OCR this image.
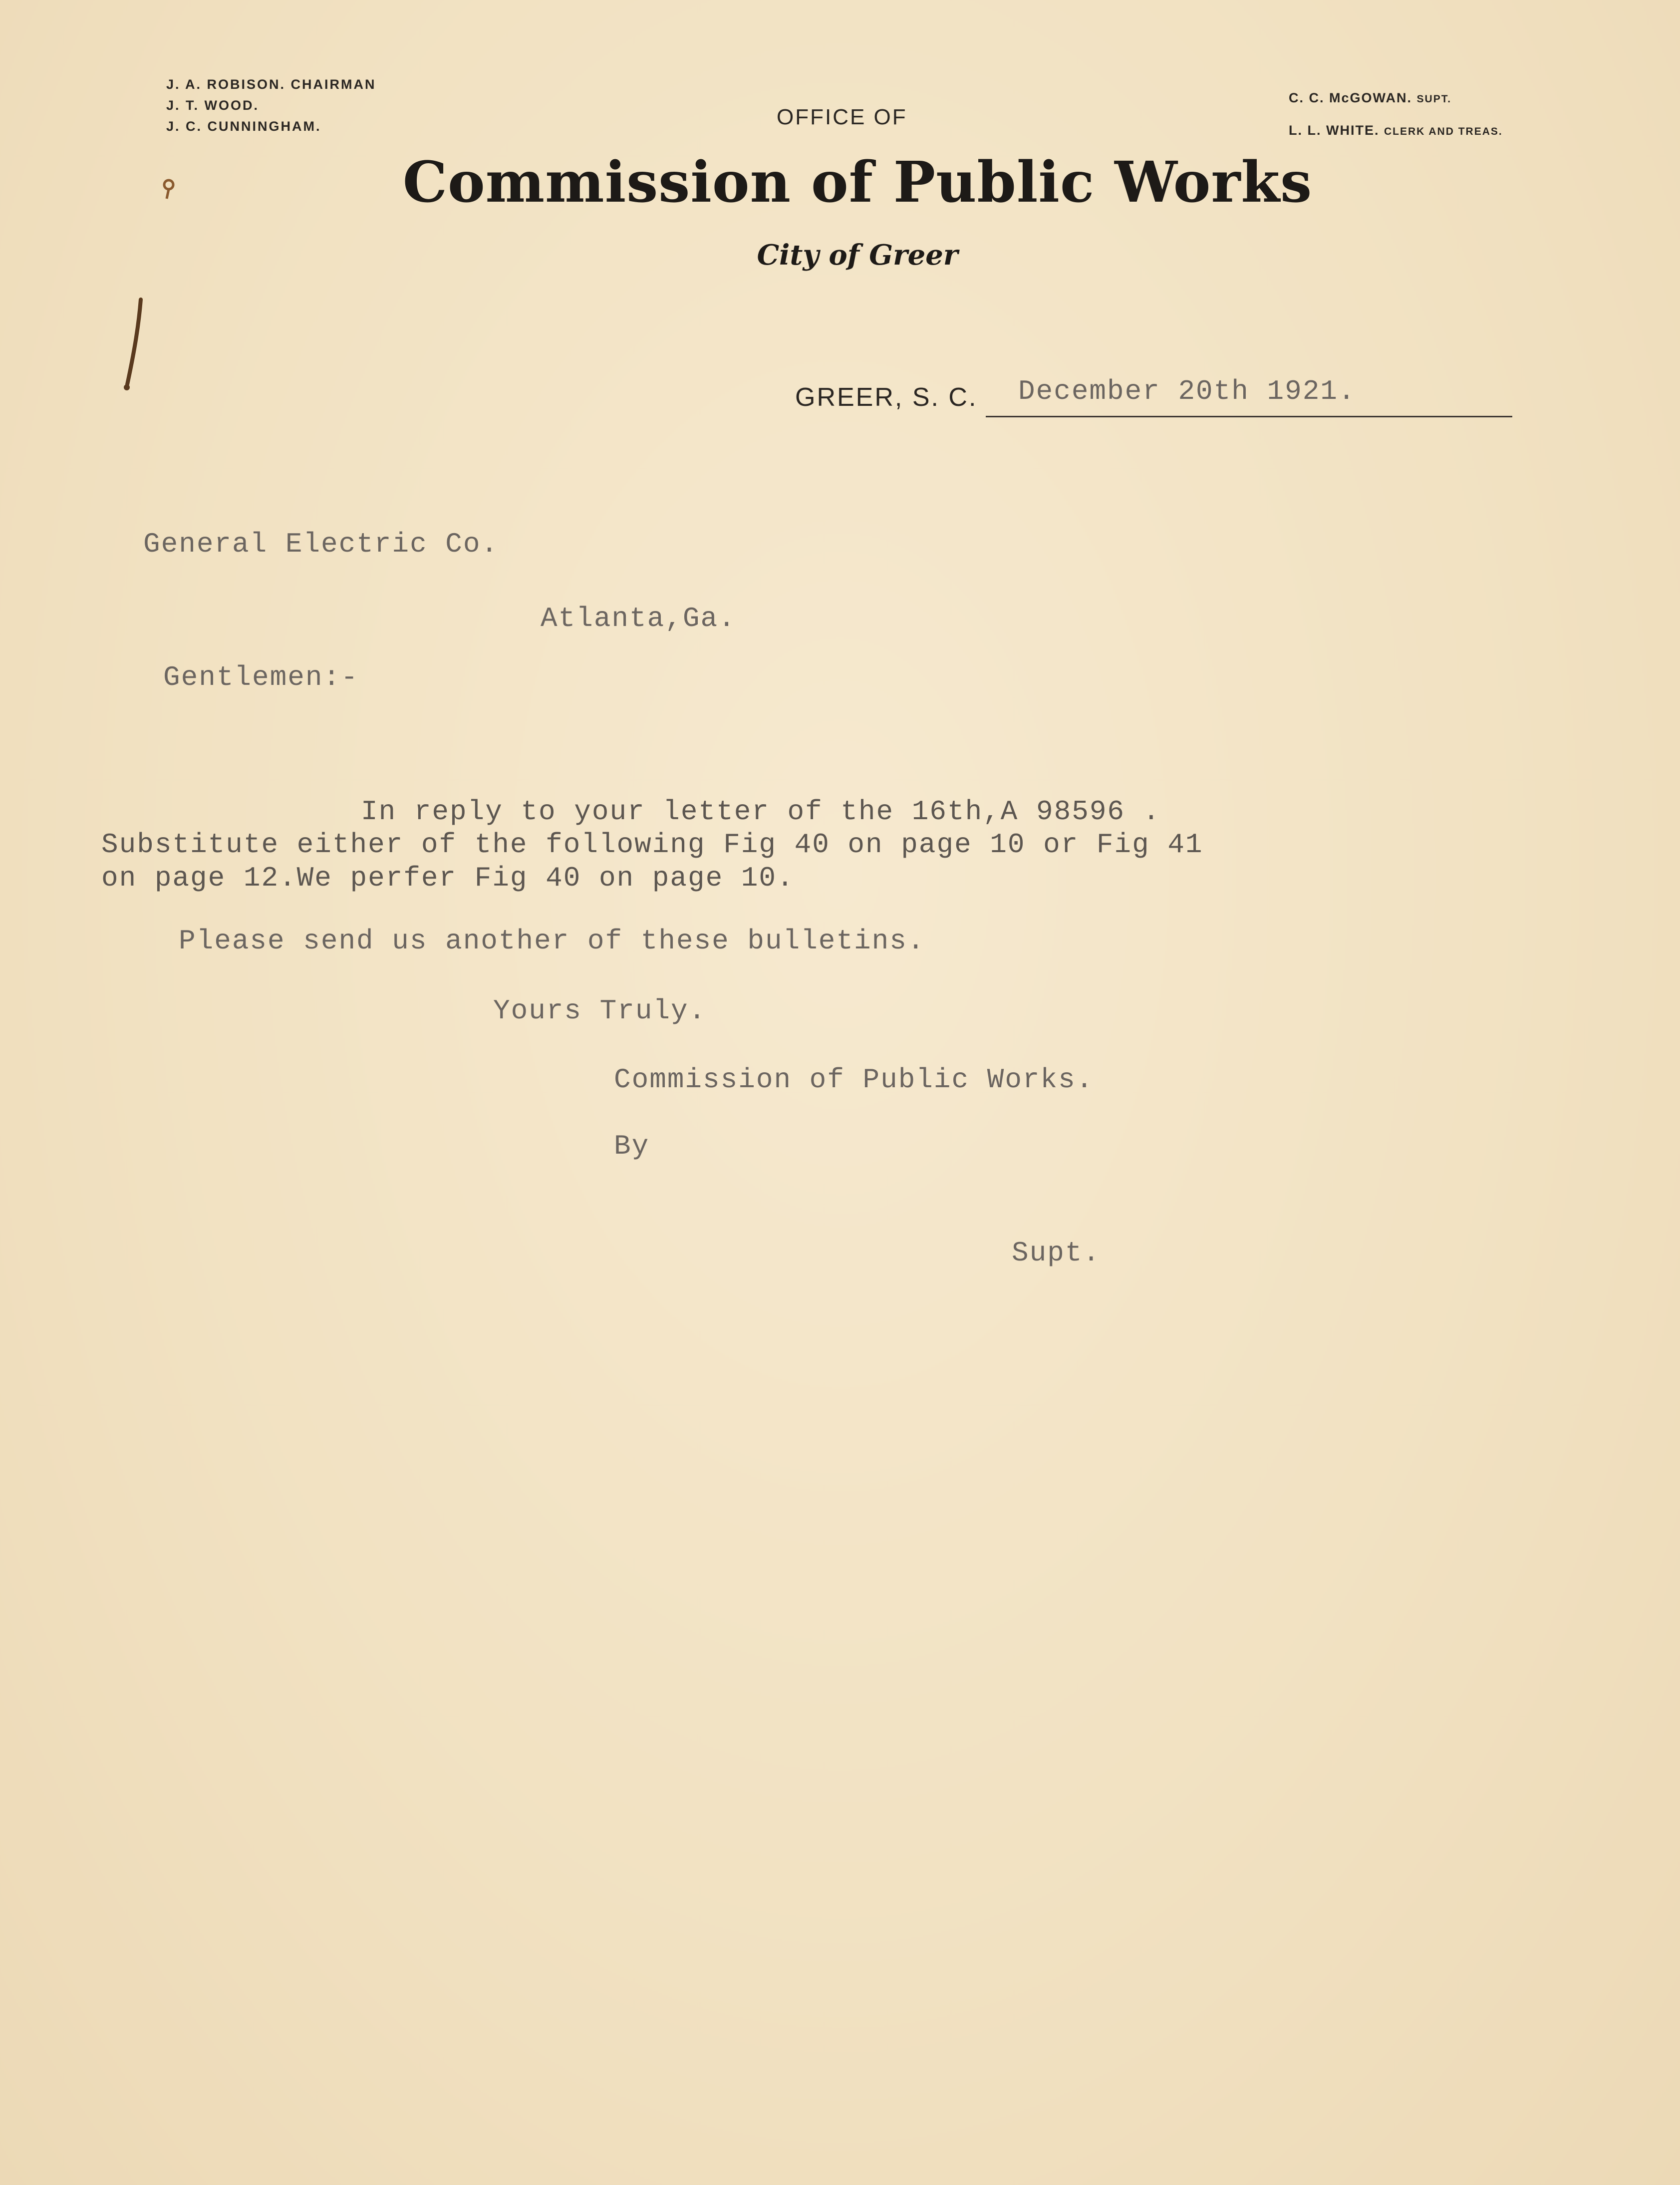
J. A. ROBISON. CHAIRMAN
J. T. WOOD.
J. C. CUNNINGHAM.
C. C. McGOWAN. SUPT.
L. L. WHITE. CLERK AND TREAS.
OFFICE OF
Commission of Public Works
City of Greer
GREER, S. C. December 20th 1921.
General Electric Co.
Atlanta,Ga.
Gentlemen:-
In reply to your letter of the 16th,A 98596 .
Substitute either of the following Fig 40 on page 10 or Fig 41
on page 12.We perfer Fig 40 on page 10.
Please send us another of these bulletins.
Yours Truly.
Commission of Public Works.
By
Supt.
